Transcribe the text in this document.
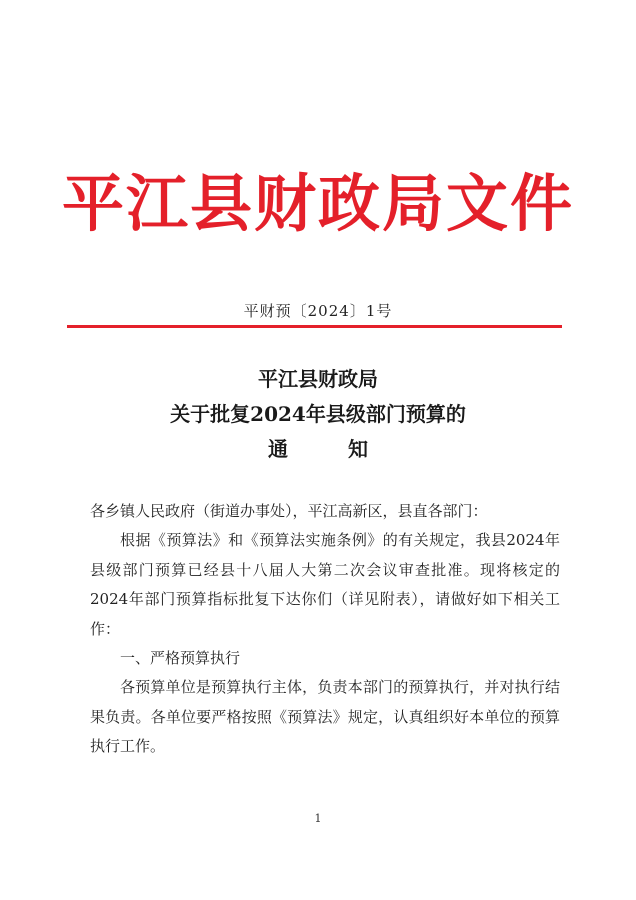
平江县财政局文件
平财预〔2024〕1号
平江县财政局
关于批复2024年县级部门预算的
通　知

各乡镇人民政府（街道办事处），平江高新区，县直各部门：

根据《预算法》和《预算法实施条例》的有关规定，我县2024年县级部门预算已经县十八届人大第二次会议审查批准。现将核定的2024年部门预算指标批复下达你们（详见附表），请做好如下相关工作：

一、严格预算执行

各预算单位是预算执行主体，负责本部门的预算执行，并对执行结果负责。各单位要严格按照《预算法》规定，认真组织好本单位的预算执行工作。

1
